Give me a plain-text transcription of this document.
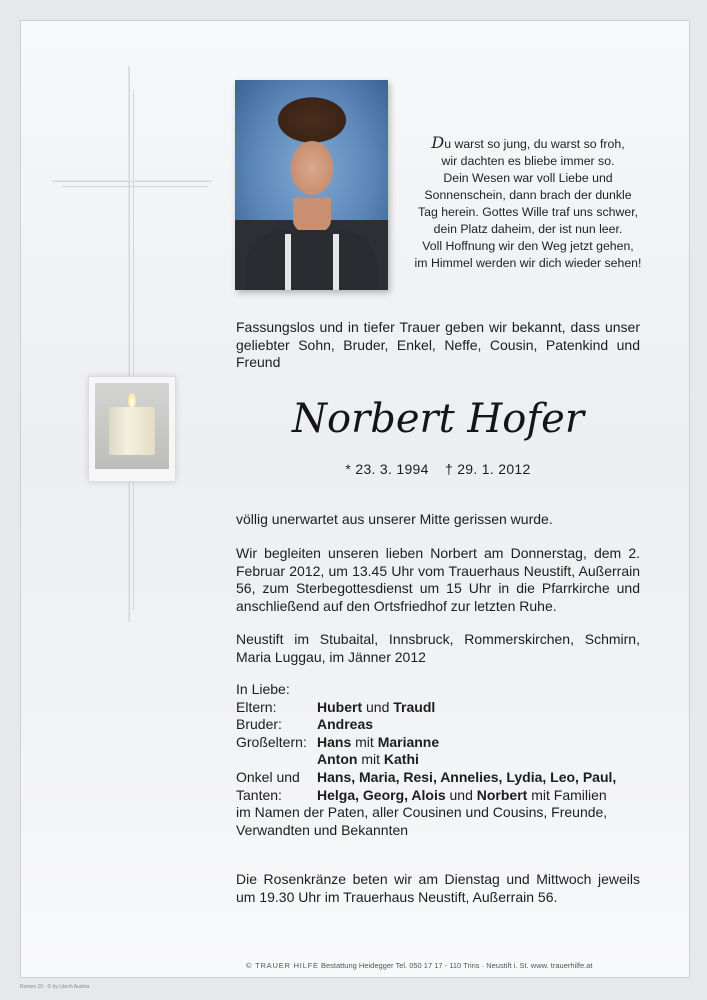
Du warst so jung, du warst so froh,
wir dachten es bliebe immer so.
Dein Wesen war voll Liebe und
Sonnenschein, dann brach der dunkle
Tag herein. Gottes Wille traf uns schwer,
dein Platz daheim, der ist nun leer.
Voll Hoffnung wir den Weg jetzt gehen,
im Himmel werden wir dich wieder sehen!
Fassungslos und in tiefer Trauer geben wir bekannt, dass unser geliebter Sohn, Bruder, Enkel, Neffe, Cousin, Patenkind und Freund
Norbert Hofer
* 23. 3. 1994 † 29. 1. 2012
völlig unerwartet aus unserer Mitte gerissen wurde.
Wir begleiten unseren lieben Norbert am Donnerstag, dem 2. Februar 2012, um 13.45 Uhr vom Trauerhaus Neustift, Außerrain 56, zum Sterbegottesdienst um 15 Uhr in die Pfarrkirche und anschließend auf den Ortsfriedhof zur letzten Ruhe.
Neustift im Stubaital, Innsbruck, Rommerskirchen, Schmirn, Maria Luggau, im Jänner 2012
In Liebe:
Eltern:	Hubert und Traudl
Bruder:	Andreas
Großeltern: Hans mit Marianne
Anton mit Kathi
Onkel und	Hans, Maria, Resi, Annelies, Lydia, Leo, Paul,
Tanten:	Helga, Georg, Alois und Norbert mit Familien
im Namen der Paten, aller Cousinen und Cousins, Freunde, Verwandten und Bekannten
Die Rosenkränze beten wir am Dienstag und Mittwoch jeweils um 19.30 Uhr im Trauerhaus Neustift, Außerrain 56.
© TRAUER HILFE Bestattung Heidegger Tel. 050 17 17 - 110 Trins · Neustift i. St. www. trauerhilfe.at
Romen 10 · © by Litech Austria
